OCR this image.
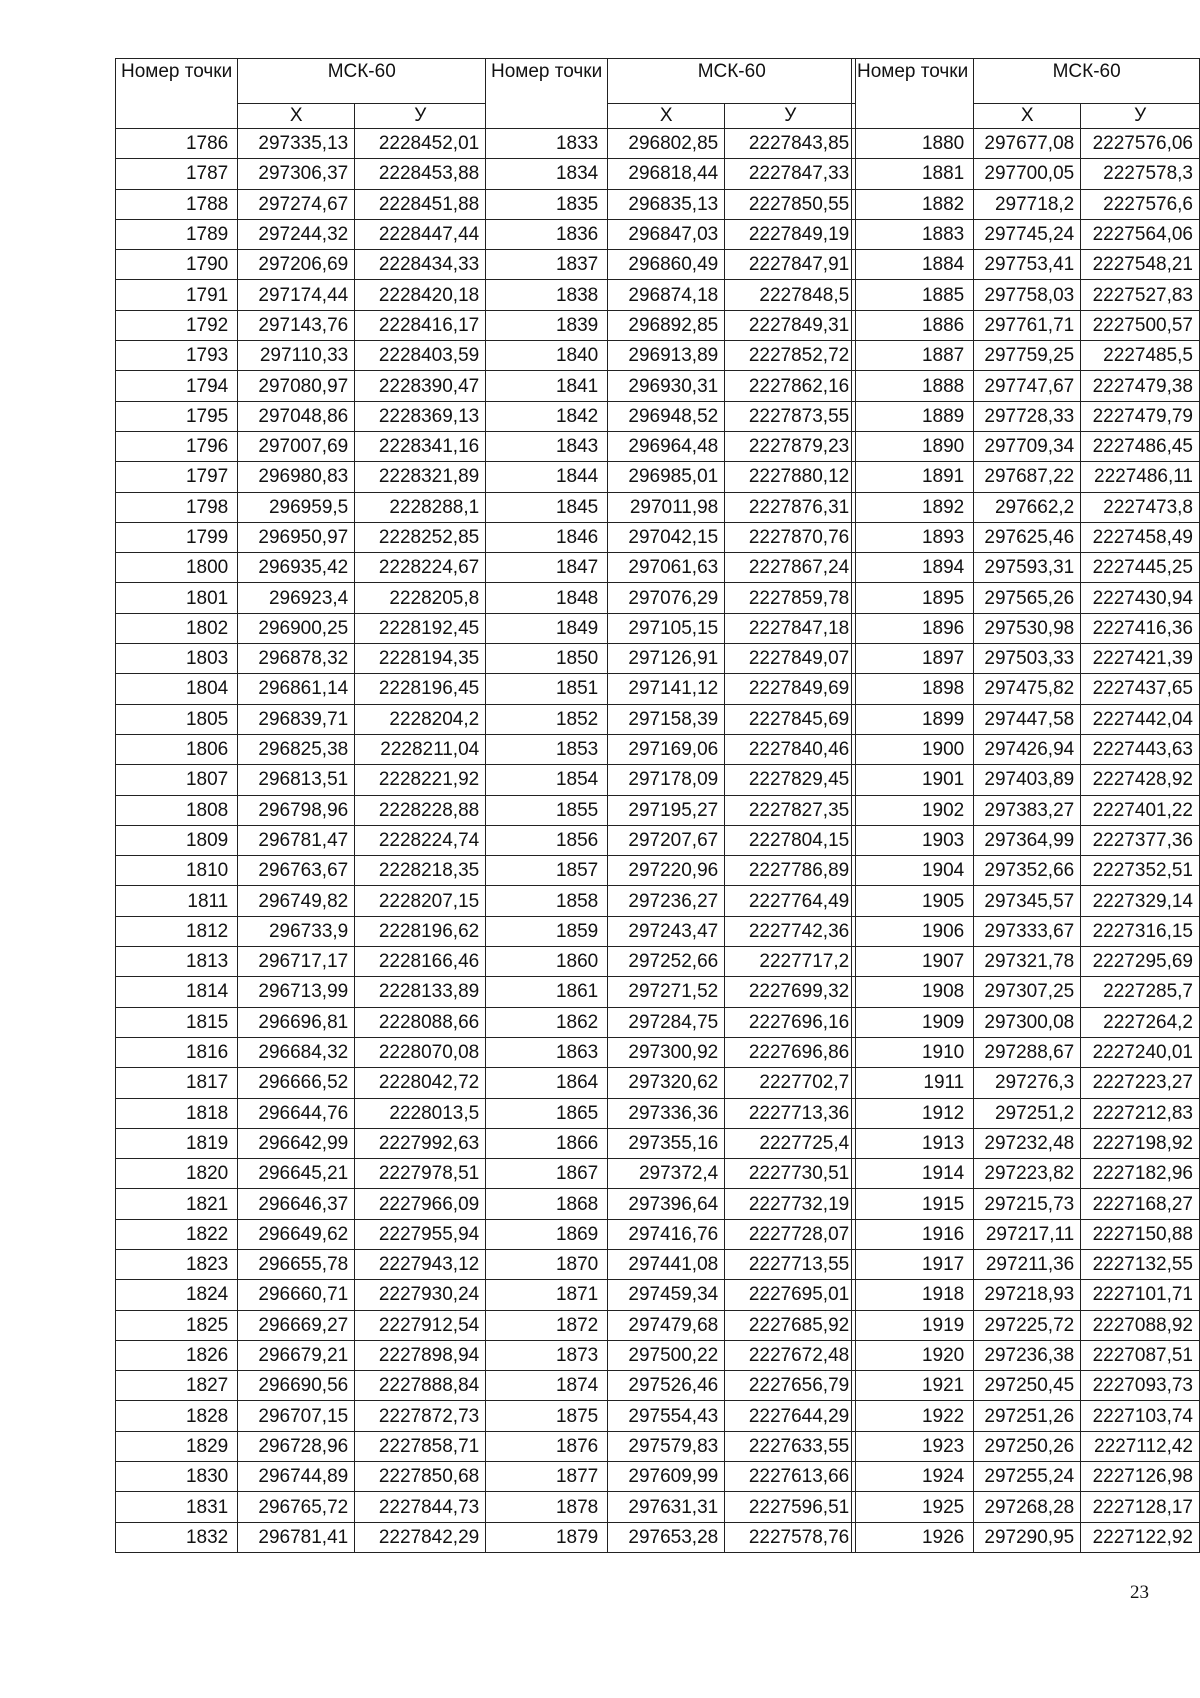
Номер точки	МСК-60	
	Х	У
1786	297335,13	2228452,01
1787	297306,37	2228453,88
1788	297274,67	2228451,88
1789	297244,32	2228447,44
1790	297206,69	2228434,33
1791	297174,44	2228420,18
1792	297143,76	2228416,17
1793	297110,33	2228403,59
1794	297080,97	2228390,47
1795	297048,86	2228369,13
1796	297007,69	2228341,16
1797	296980,83	2228321,89
1798	296959,5	2228288,1
1799	296950,97	2228252,85
1800	296935,42	2228224,67
1801	296923,4	2228205,8
1802	296900,25	2228192,45
1803	296878,32	2228194,35
1804	296861,14	2228196,45
1805	296839,71	2228204,2
1806	296825,38	2228211,04
1807	296813,51	2228221,92
1808	296798,96	2228228,88
1809	296781,47	2228224,74
1810	296763,67	2228218,35
1811	296749,82	2228207,15
1812	296733,9	2228196,62
1813	296717,17	2228166,46
1814	296713,99	2228133,89
1815	296696,81	2228088,66
1816	296684,32	2228070,08
1817	296666,52	2228042,72
1818	296644,76	2228013,5
1819	296642,99	2227992,63
1820	296645,21	2227978,51
1821	296646,37	2227966,09
1822	296649,62	2227955,94
1823	296655,78	2227943,12
1824	296660,71	2227930,24
1825	296669,27	2227912,54
1826	296679,21	2227898,94
1827	296690,56	2227888,84
1828	296707,15	2227872,73
1829	296728,96	2227858,71
1830	296744,89	2227850,68
1831	296765,72	2227844,73
1832	296781,41	2227842,29
Номер точки	МСК-60	
	Х	У
1833	296802,85	2227843,85
1834	296818,44	2227847,33
1835	296835,13	2227850,55
1836	296847,03	2227849,19
1837	296860,49	2227847,91
1838	296874,18	2227848,5
1839	296892,85	2227849,31
1840	296913,89	2227852,72
1841	296930,31	2227862,16
1842	296948,52	2227873,55
1843	296964,48	2227879,23
1844	296985,01	2227880,12
1845	297011,98	2227876,31
1846	297042,15	2227870,76
1847	297061,63	2227867,24
1848	297076,29	2227859,78
1849	297105,15	2227847,18
1850	297126,91	2227849,07
1851	297141,12	2227849,69
1852	297158,39	2227845,69
1853	297169,06	2227840,46
1854	297178,09	2227829,45
1855	297195,27	2227827,35
1856	297207,67	2227804,15
1857	297220,96	2227786,89
1858	297236,27	2227764,49
1859	297243,47	2227742,36
1860	297252,66	2227717,2
1861	297271,52	2227699,32
1862	297284,75	2227696,16
1863	297300,92	2227696,86
1864	297320,62	2227702,7
1865	297336,36	2227713,36
1866	297355,16	2227725,4
1867	297372,4	2227730,51
1868	297396,64	2227732,19
1869	297416,76	2227728,07
1870	297441,08	2227713,55
1871	297459,34	2227695,01
1872	297479,68	2227685,92
1873	297500,22	2227672,48
1874	297526,46	2227656,79
1875	297554,43	2227644,29
1876	297579,83	2227633,55
1877	297609,99	2227613,66
1878	297631,31	2227596,51
1879	297653,28	2227578,76
Номер точки	МСК-60	
	Х	У
1880	297677,08	2227576,06
1881	297700,05	2227578,3
1882	297718,2	2227576,6
1883	297745,24	2227564,06
1884	297753,41	2227548,21
1885	297758,03	2227527,83
1886	297761,71	2227500,57
1887	297759,25	2227485,5
1888	297747,67	2227479,38
1889	297728,33	2227479,79
1890	297709,34	2227486,45
1891	297687,22	2227486,11
1892	297662,2	2227473,8
1893	297625,46	2227458,49
1894	297593,31	2227445,25
1895	297565,26	2227430,94
1896	297530,98	2227416,36
1897	297503,33	2227421,39
1898	297475,82	2227437,65
1899	297447,58	2227442,04
1900	297426,94	2227443,63
1901	297403,89	2227428,92
1902	297383,27	2227401,22
1903	297364,99	2227377,36
1904	297352,66	2227352,51
1905	297345,57	2227329,14
1906	297333,67	2227316,15
1907	297321,78	2227295,69
1908	297307,25	2227285,7
1909	297300,08	2227264,2
1910	297288,67	2227240,01
1911	297276,3	2227223,27
1912	297251,2	2227212,83
1913	297232,48	2227198,92
1914	297223,82	2227182,96
1915	297215,73	2227168,27
1916	297217,11	2227150,88
1917	297211,36	2227132,55
1918	297218,93	2227101,71
1919	297225,72	2227088,92
1920	297236,38	2227087,51
1921	297250,45	2227093,73
1922	297251,26	2227103,74
1923	297250,26	2227112,42
1924	297255,24	2227126,98
1925	297268,28	2227128,17
1926	297290,95	2227122,92
23
